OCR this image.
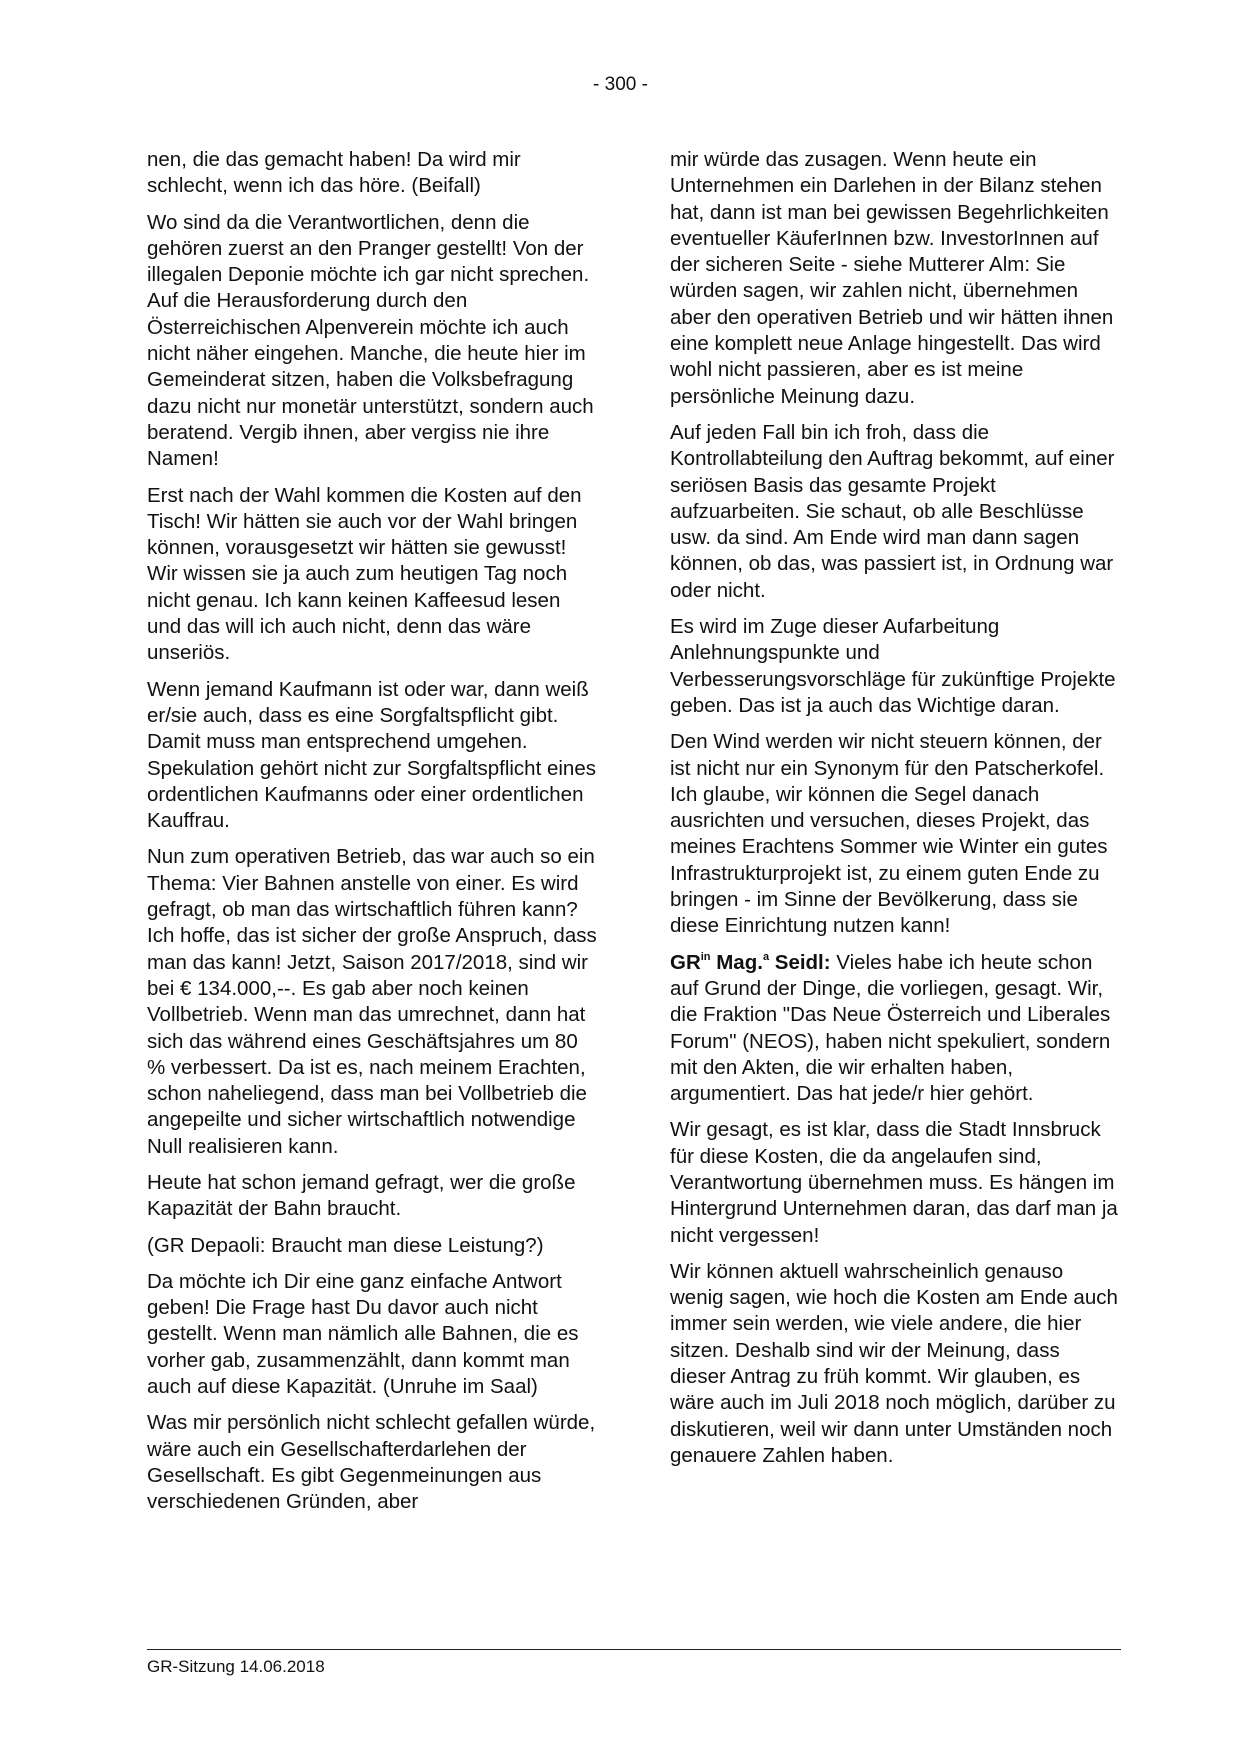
- 300 -

nen, die das gemacht haben! Da wird mir schlecht, wenn ich das höre. (Beifall)

Wo sind da die Verantwortlichen, denn die gehören zuerst an den Pranger gestellt! Von der illegalen Deponie möchte ich gar nicht sprechen. Auf die Herausforderung durch den Österreichischen Alpenverein möchte ich auch nicht näher eingehen. Manche, die heute hier im Gemeinderat sitzen, haben die Volksbefragung dazu nicht nur monetär unterstützt, sondern auch beratend. Vergib ihnen, aber vergiss nie ihre Namen!

Erst nach der Wahl kommen die Kosten auf den Tisch! Wir hätten sie auch vor der Wahl bringen können, vorausgesetzt wir hätten sie gewusst! Wir wissen sie ja auch zum heutigen Tag noch nicht genau. Ich kann keinen Kaffeesud lesen und das will ich auch nicht, denn das wäre unseriös.

Wenn jemand Kaufmann ist oder war, dann weiß er/sie auch, dass es eine Sorgfaltspflicht gibt. Damit muss man entsprechend umgehen. Spekulation gehört nicht zur Sorgfaltspflicht eines ordentlichen Kaufmanns oder einer ordentlichen Kauffrau.

Nun zum operativen Betrieb, das war auch so ein Thema: Vier Bahnen anstelle von einer. Es wird gefragt, ob man das wirtschaftlich führen kann? Ich hoffe, das ist sicher der große Anspruch, dass man das kann! Jetzt, Saison 2017/2018, sind wir bei € 134.000,--. Es gab aber noch keinen Vollbetrieb. Wenn man das umrechnet, dann hat sich das während eines Geschäftsjahres um 80 % verbessert. Da ist es, nach meinem Erachten, schon naheliegend, dass man bei Vollbetrieb die angepeilte und sicher wirtschaftlich notwendige Null realisieren kann.

Heute hat schon jemand gefragt, wer die große Kapazität der Bahn braucht.

(GR Depaoli: Braucht man diese Leistung?)

Da möchte ich Dir eine ganz einfache Antwort geben! Die Frage hast Du davor auch nicht gestellt. Wenn man nämlich alle Bahnen, die es vorher gab, zusammenzählt, dann kommt man auch auf diese Kapazität. (Unruhe im Saal)

Was mir persönlich nicht schlecht gefallen würde, wäre auch ein Gesellschafterdarlehen der Gesellschaft. Es gibt Gegenmeinungen aus verschiedenen Gründen, aber

mir würde das zusagen. Wenn heute ein Unternehmen ein Darlehen in der Bilanz stehen hat, dann ist man bei gewissen Begehrlichkeiten eventueller KäuferInnen bzw. InvestorInnen auf der sicheren Seite - siehe Mutterer Alm: Sie würden sagen, wir zahlen nicht, übernehmen aber den operativen Betrieb und wir hätten ihnen eine komplett neue Anlage hingestellt. Das wird wohl nicht passieren, aber es ist meine persönliche Meinung dazu.

Auf jeden Fall bin ich froh, dass die Kontrollabteilung den Auftrag bekommt, auf einer seriösen Basis das gesamte Projekt aufzuarbeiten. Sie schaut, ob alle Beschlüsse usw. da sind. Am Ende wird man dann sagen können, ob das, was passiert ist, in Ordnung war oder nicht.

Es wird im Zuge dieser Aufarbeitung Anlehnungspunkte und Verbesserungsvorschläge für zukünftige Projekte geben. Das ist ja auch das Wichtige daran.

Den Wind werden wir nicht steuern können, der ist nicht nur ein Synonym für den Patscherkofel. Ich glaube, wir können die Segel danach ausrichten und versuchen, dieses Projekt, das meines Erachtens Sommer wie Winter ein gutes Infrastrukturprojekt ist, zu einem guten Ende zu bringen - im Sinne der Bevölkerung, dass sie diese Einrichtung nutzen kann!

$GR^{in}$ Mag.$^a$ Seidl: Vieles habe ich heute schon auf Grund der Dinge, die vorliegen, gesagt. Wir, die Fraktion "Das Neue Österreich und Liberales Forum" (NEOS), haben nicht spekuliert, sondern mit den Akten, die wir erhalten haben, argumentiert. Das hat jede/r hier gehört.

Wir gesagt, es ist klar, dass die Stadt Innsbruck für diese Kosten, die da angelaufen sind, Verantwortung übernehmen muss. Es hängen im Hintergrund Unternehmen daran, das darf man ja nicht vergessen!

Wir können aktuell wahrscheinlich genauso wenig sagen, wie hoch die Kosten am Ende auch immer sein werden, wie viele andere, die hier sitzen. Deshalb sind wir der Meinung, dass dieser Antrag zu früh kommt. Wir glauben, es wäre auch im Juli 2018 noch möglich, darüber zu diskutieren, weil wir dann unter Umständen noch genauere Zahlen haben.

GR-Sitzung 14.06.2018
